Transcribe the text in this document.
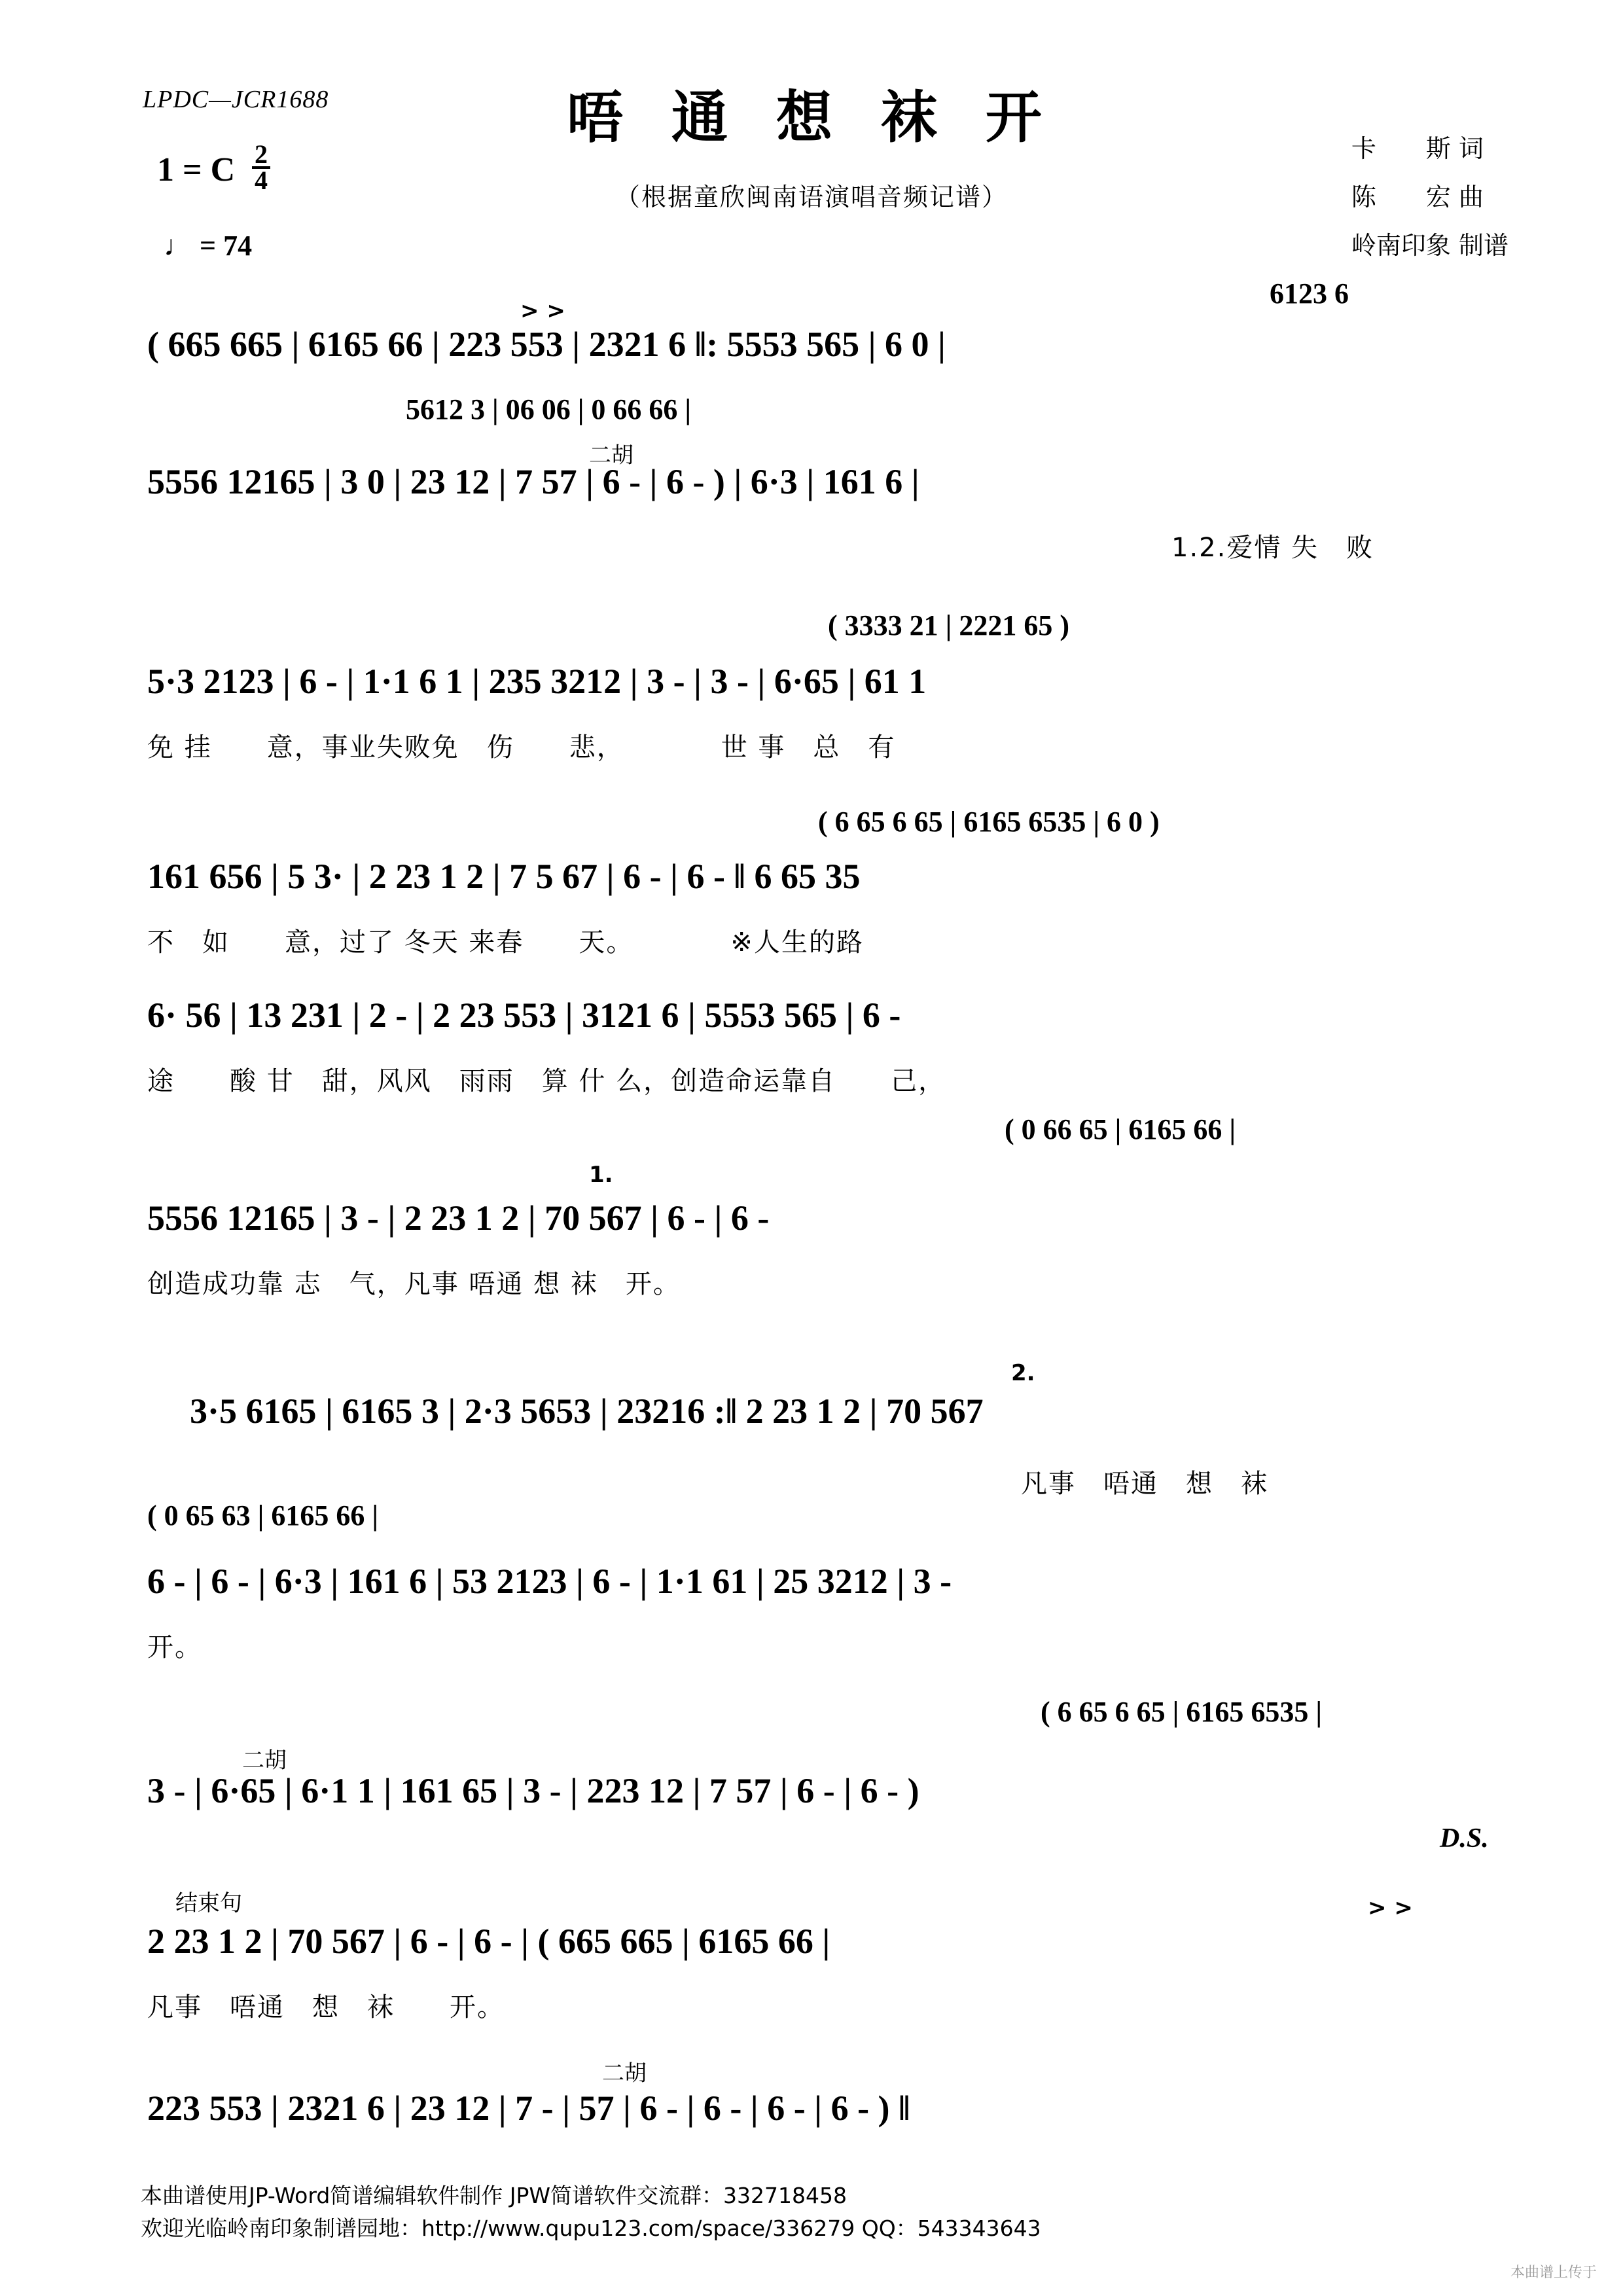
LPDC—JCR1688	唔 通 想 袜 开
（根据童欣闽南语演唱音频记谱）
卡　　斯 词
陈　　宏 曲
岭南印象 制谱
1 = C $\frac{2}{4}$
♩ = 74
6123 6
( 665 665 | 6165 66 | 223 553 | 2321 6 ‖: 5553 565 | 6 0 |
> >
5612 3 | 06 06 | 0 66 66 |
二胡
5556 12165 | 3 0 | 23 12 | 7 57 | 6 - | 6 - ) | 6·3 | 161 6 |
1.2.爱情 失　败
( 3333 21 | 2221 65 )
5·3 2123 | 6 - | 1·1 6 1 | 235 3212 | 3 - | 3 - | 6·65 | 61 1
免 挂　　意，事业失败免　伤　　悲，　　　　世 事　总　有
( 6 65 6 65 | 6165 6535 | 6 0 )
161 656 | 5 3· | 2 23 1 2 | 7 5 67 | 6 - | 6 - ‖ 6 65 35
不　如　　意，过了 冬天 来春　　天。　　　　※人生的路
6· 56 | 13 231 | 2 - | 2 23 553 | 3121 6 | 5553 565 | 6 -
途　　酸 甘　甜，风风　雨雨　算 什 么，创造命运靠自　　己，
( 0 66 65 | 6165 66 |
1.
5556 12165 | 3 - | 2 23 1 2 | 70 567 | 6 - | 6 -
创造成功靠 志　气，凡事 唔通 想 袜　开。
2.
3·5 6165 | 6165 3 | 2·3 5653 | 23216 :‖ 2 23 1 2 | 70 567
凡事　唔通　想　袜
( 0 65 63 | 6165 66 |
6 - | 6 - | 6·3 | 161 6 | 53 2123 | 6 - | 1·1 61 | 25 3212 | 3 -
开。
( 6 65 6 65 | 6165 6535 |
二胡
3 - | 6·65 | 6·1 1 | 161 65 | 3 - | 223 12 | 7 57 | 6 - | 6 - )
D.S.
结束句
2 23 1 2 | 70 567 | 6 - | 6 - | ( 665 665 | 6165 66 |
> >
凡事　唔通　想　袜　　开。
二胡
223 553 | 2321 6 | 23 12 | 7 - | 57 | 6 - | 6 - | 6 - | 6 - ) ‖
本曲谱使用JP-Word简谱编辑软件制作 JPW简谱软件交流群：332718458
欢迎光临岭南印象制谱园地：http://www.qupu123.com/space/336279 QQ：543343643
本曲谱上传于
